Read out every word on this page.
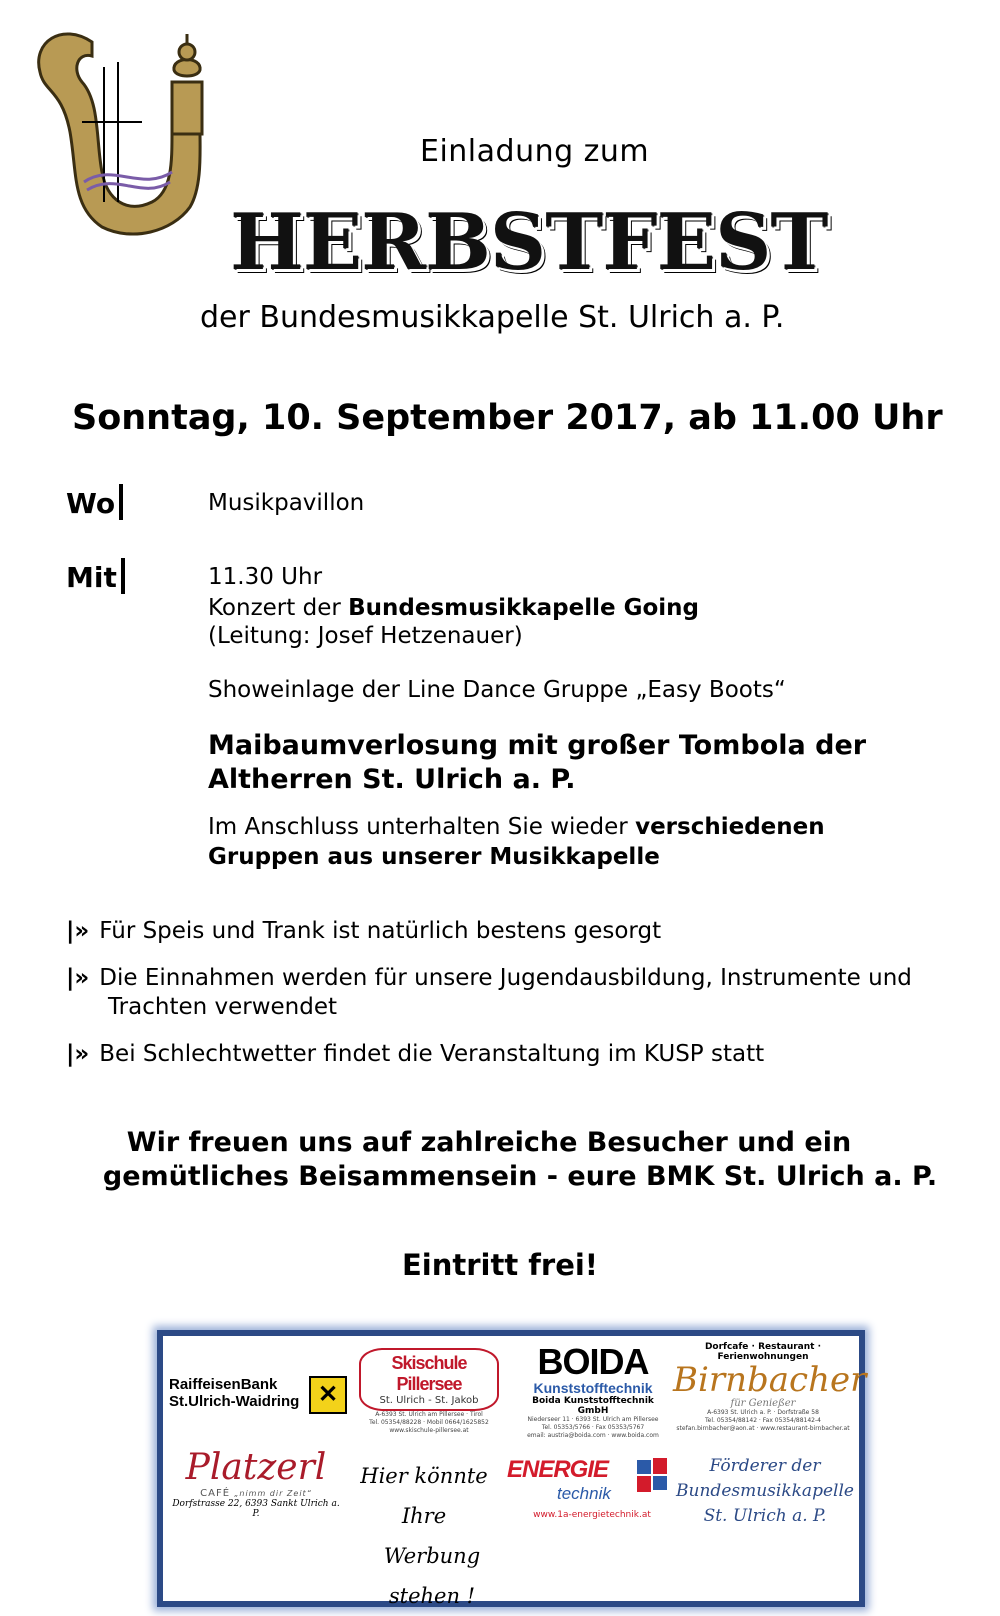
Einladung zum
HERBSTFEST
der Bundesmusikkapelle St. Ulrich a. P.
Sonntag, 10. September 2017, ab 11.00 Uhr
Wo	Musikpavillon
Mit	11.30 Uhr
Konzert der Bundesmusikkapelle Going
(Leitung: Josef Hetzenauer)
Showeinlage der Line Dance Gruppe „Easy Boots“
Maibaumverlosung mit großer Tombola der
Altherren St. Ulrich a. P.
Im Anschluss unterhalten Sie wieder verschiedenen
Gruppen aus unserer Musikkapelle
|» Für Speis und Trank ist natürlich bestens gesorgt
|» Die Einnahmen werden für unsere Jugendausbildung, Instrumente und
Trachten verwendet
|» Bei Schlechtwetter findet die Veranstaltung im KUSP statt
Wir freuen uns auf zahlreiche Besucher und ein
gemütliches Beisammensein - eure BMK St. Ulrich a. P.
Eintritt frei!
RaiffeisenBank
St.Ulrich-Waidring ✕
Skischule Pillersee
St. Ulrich - St. Jakob
A-6393 St. Ulrich am Pillersee · Tirol
Tel. 05354/88228 · Mobil 0664/1625852
www.skischule-pillersee.at
BOIDA
Kunststofftechnik
Boida Kunststofftechnik GmbH
Niederseer 11 · 6393 St. Ulrich am Pillersee
Tel. 05353/5766 · Fax 05353/5767
email: austria@boida.com · www.boida.com
Dorfcafe · Restaurant · Ferienwohnungen
Birnbacher
für Genießer
A-6393 St. Ulrich a. P. · Dorfstraße 58
Tel. 05354/88142 · Fax 05354/88142-4
stefan.birnbacher@aon.at · www.restaurant-birnbacher.at
Platzerl
CAFÉ „nimm dir Zeit“
Dorfstrasse 22, 6393 Sankt Ulrich a. P.
Hier könnte Ihre
Werbung stehen !
ENERGIE
technik
www.1a-energietechnik.at
Förderer der
Bundesmusikkapelle
St. Ulrich a. P.
